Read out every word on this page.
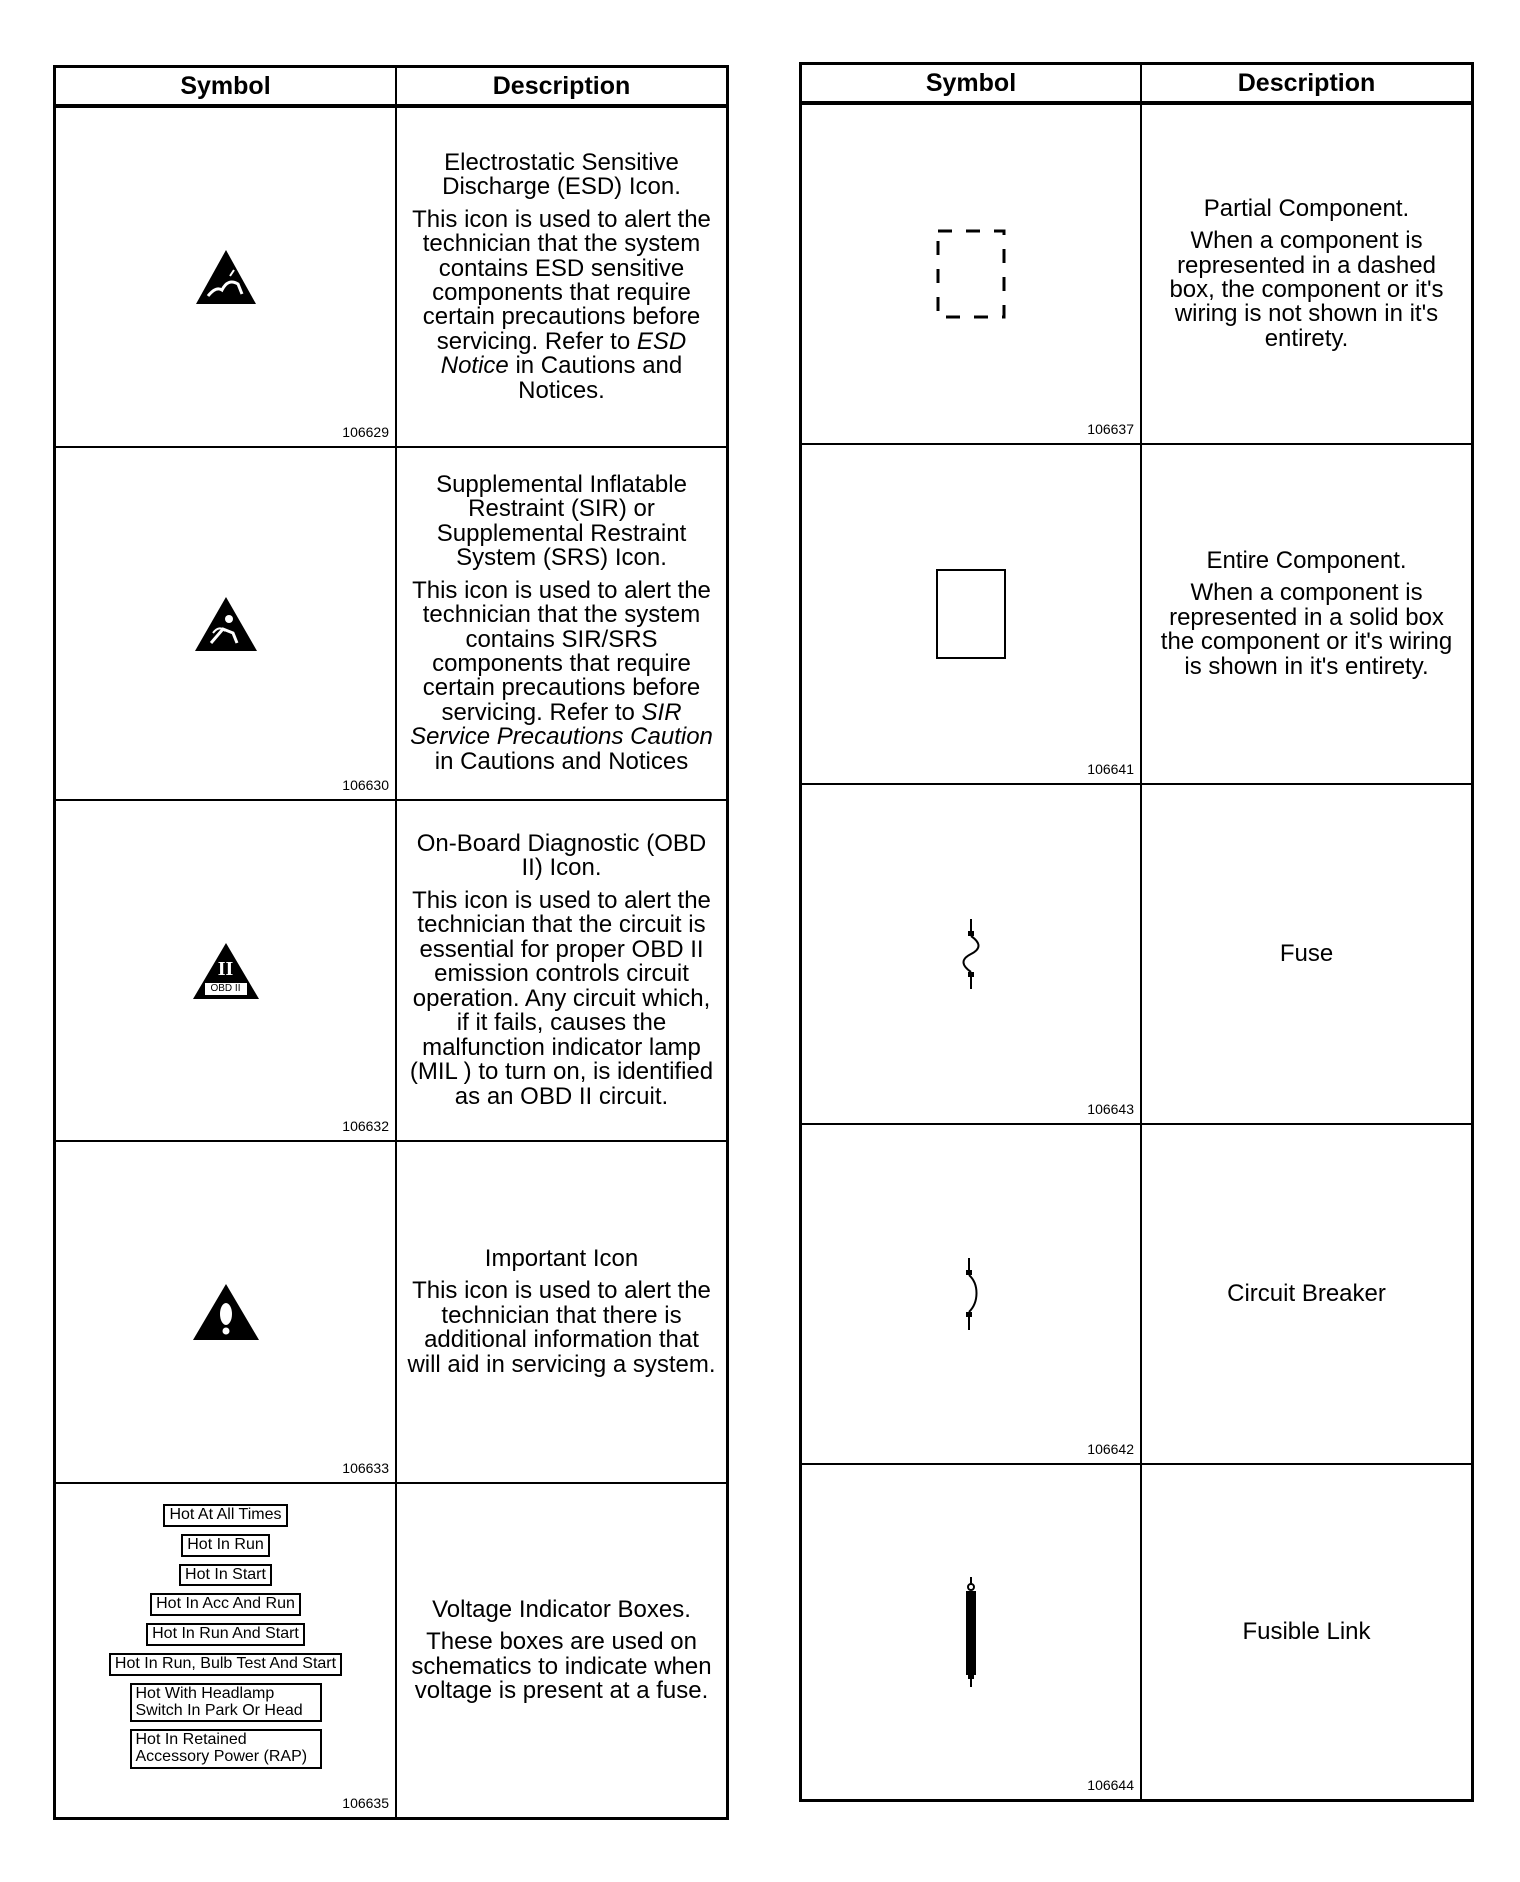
Symbol	Description
106629

Electrostatic Sensitive Discharge (ESD) Icon.

This icon is used to alert the technician that the system contains ESD sensitive components that require certain precautions before servicing. Refer to ESD Notice in Cautions and Notices.

106630

Supplemental Inflatable Restraint (SIR) or Supplemental Restraint System (SRS) Icon.

This icon is used to alert the technician that the system contains SIR/SRS components that require certain precautions before servicing. Refer to SIR Service Precautions Caution in Cautions and Notices

II
OBD II
106632

On-Board Diagnostic (OBD II) Icon.

This icon is used to alert the technician that the circuit is essential for proper OBD II emission controls circuit operation. Any circuit which, if it fails, causes the malfunction indicator lamp (MIL ) to turn on, is identified as an OBD II circuit.

106633

Important Icon

This icon is used to alert the technician that there is additional information that will aid in servicing a system.

Hot At All Times
Hot In Run
Hot In Start
Hot In Acc And Run
Hot In Run And Start
Hot In Run, Bulb Test And Start
Hot With Headlamp Switch In Park Or Head
Hot In Retained Accessory Power (RAP)
106635

Voltage Indicator Boxes.

These boxes are used on schematics to indicate when voltage is present at a fuse.

Symbol	Description
106637

Partial Component.

When a component is represented in a dashed box, the component or it's wiring is not shown in it's entirety.

106641

Entire Component.

When a component is represented in a solid box the component or it's wiring is shown in it's entirety.

106643

Fuse

106642

Circuit Breaker

106644

Fusible Link
